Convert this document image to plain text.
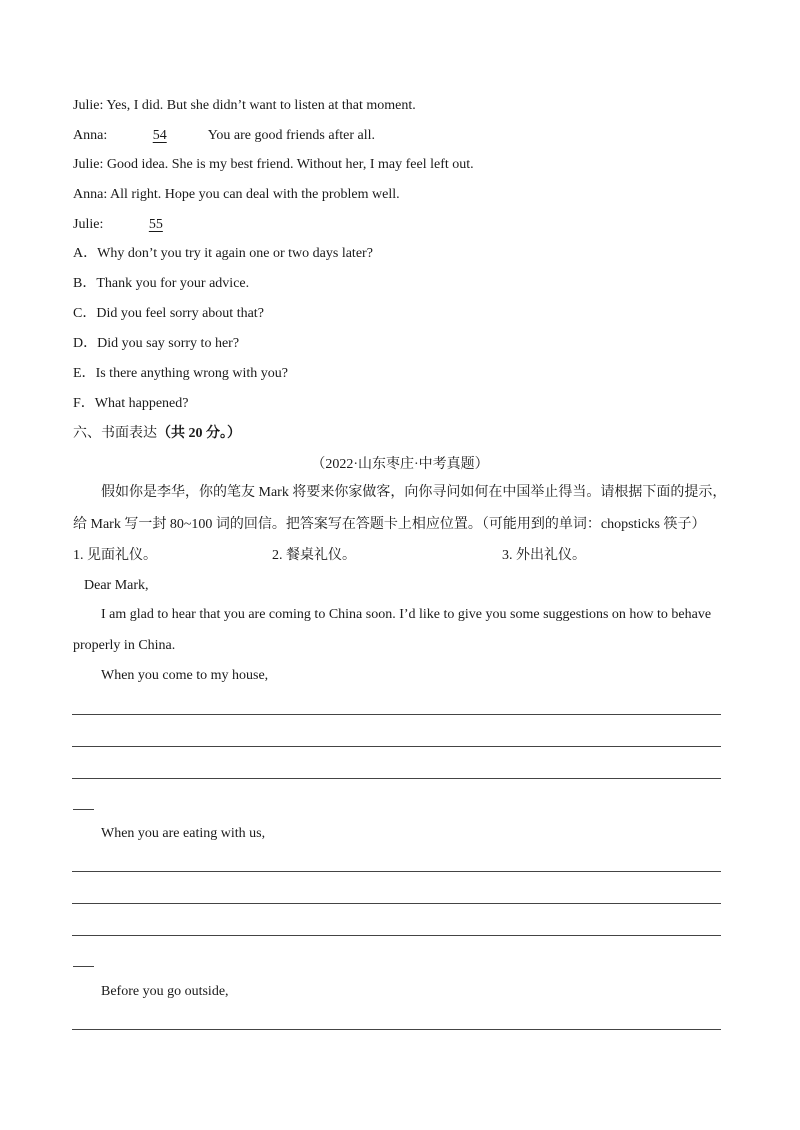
Julie: Yes, I did. But she didn’t want to listen at that moment.
Anna:	54	You are good friends after all.
Julie: Good idea. She is my best friend. Without her, I may feel left out.
Anna: All right. Hope you can deal with the problem well.
Julie:	55
A．Why don’t you try it again one or two days later?
B．Thank you for your advice.
C．Did you feel sorry about that?
D．Did you say sorry to her?
E．Is there anything wrong with you?
F．What happened?
六、书面表达（共 20 分。）
（2022·山东枣庄·中考真题）
假如你是李华，你的笔友 Mark 将要来你家做客，向你寻问如何在中国举止得当。请根据下面的提示，
给 Mark 写一封 80~100 词的回信。把答案写在答题卡上相应位置。（可能用到的单词：chopsticks 筷子）
1. 见面礼仪。	2. 餐桌礼仪。	3. 外出礼仪。
Dear Mark,
I am glad to hear that you are coming to China soon. I’d like to give you some suggestions on how to behave
properly in China.
When you come to my house,
When you are eating with us,
Before you go outside,
